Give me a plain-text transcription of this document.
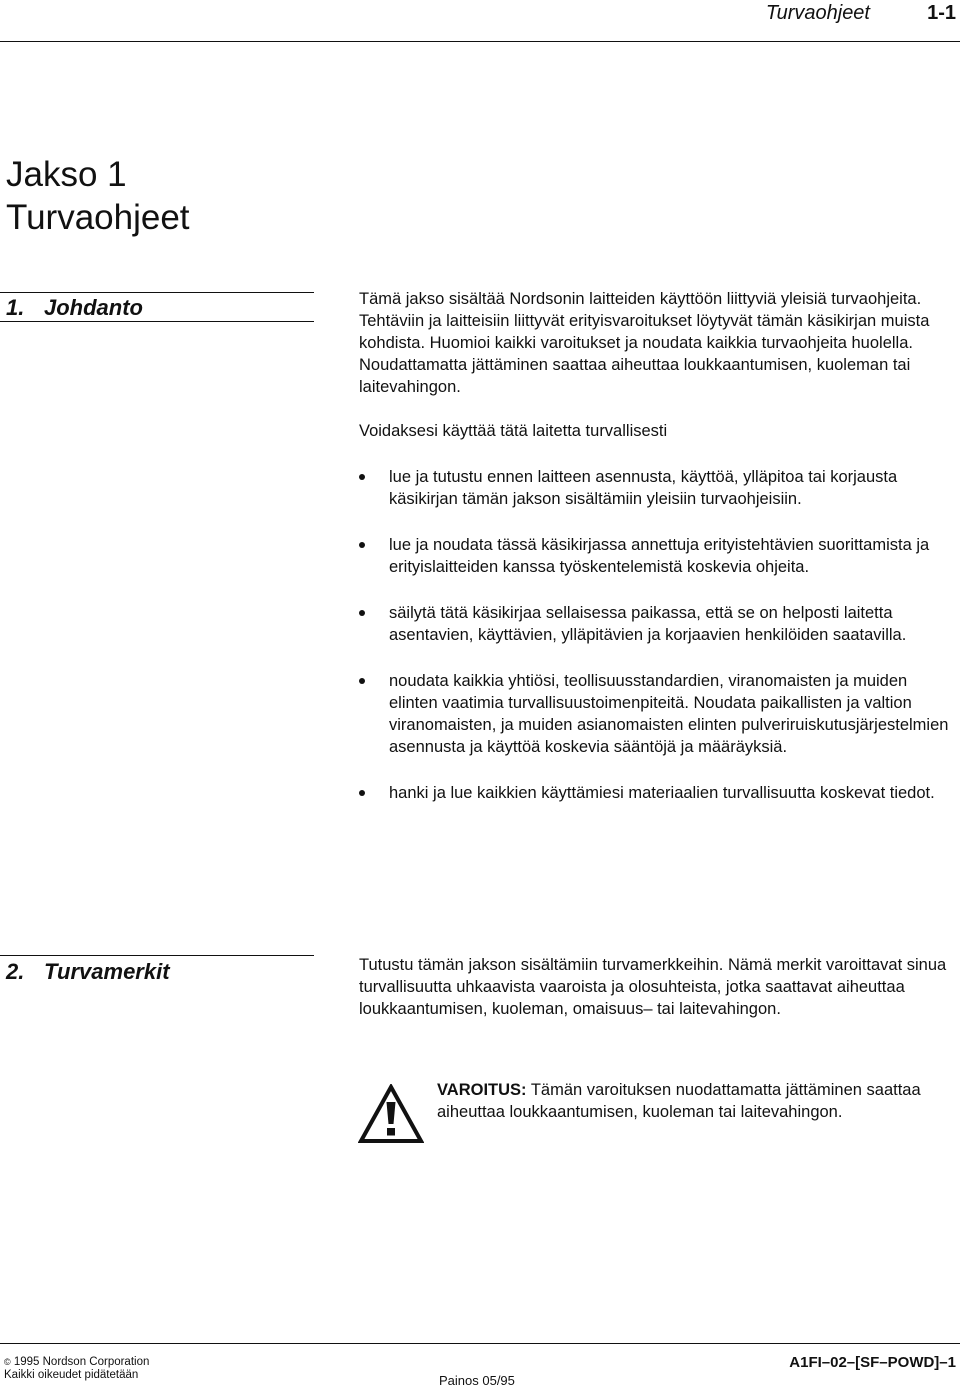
Turvaohjeet	1-1
Jakso 1
Turvaohjeet
1. Johdanto	Tämä jakso sisältää Nordsonin laitteiden käyttöön liittyviä yleisiä turvaohjeita. Tehtäviin ja laitteisiin liittyvät erityisvaroitukset löytyvät tämän käsikirjan muista kohdista. Huomioi kaikki varoitukset ja noudata kaikkia turvaohjeita huolella. Noudattamatta jättäminen saattaa aiheuttaa loukkaantumisen, kuoleman tai laitevahingon.

Voidaksesi käyttää tätä laitetta turvallisesti

lue ja tutustu ennen laitteen asennusta, käyttöä, ylläpitoa tai korjausta käsikirjan tämän jakson sisältämiin yleisiin turvaohjeisiin.
lue ja noudata tässä käsikirjassa annettuja erityistehtävien suorittamista ja erityislaitteiden kanssa työskentelemistä koskevia ohjeita.
säilytä tätä käsikirjaa sellaisessa paikassa, että se on helposti laitetta asentavien, käyttävien, ylläpitävien ja korjaavien henkilöiden saatavilla.
noudata kaikkia yhtiösi, teollisuusstandardien, viranomaisten ja muiden elinten vaatimia turvallisuustoimenpiteitä. Noudata paikallisten ja valtion viranomaisten, ja muiden asianomaisten elinten pulveriruiskutusjärjestelmien asennusta ja käyttöä koskevia sääntöjä ja määräyksiä.
hanki ja lue kaikkien käyttämiesi materiaalien turvallisuutta koskevat tiedot.
2. Turvamerkit	Tutustu tämän jakson sisältämiin turvamerkkeihin. Nämä merkit varoittavat sinua turvallisuutta uhkaavista vaaroista ja olosuhteista, jotka saattavat aiheuttaa loukkaantumisen, kuoleman, omaisuus– tai laitevahingon.

VAROITUS: Tämän varoituksen nuodattamatta jättäminen saattaa aiheuttaa loukkaantumisen, kuoleman tai laitevahingon.
© 1995 Nordson Corporation
Kaikki oikeudet pidätetään	Painos 05/95
A1FI–02–[SF–POWD]–1
